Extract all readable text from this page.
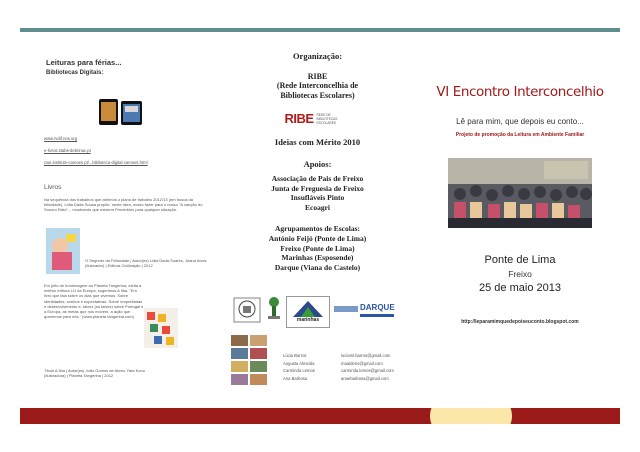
Leituras para férias...
Bibliotecas Digitais:
www.rvdif.nos.org
e-livros.stabs-debrinac.pt
cwe.institute-camoes.pt/...biblioteca-digital-camoes.html
Livros
Na sequência dos trabalhos que abrimos o plano de trabalho 2012/13 (em busca da felicidade), Lidia Dada Sousa propõe, neste obra, nosso fazer para o nosso "A canção do Sonoro Rato"... mostrando que existem Provérbios para qualquer situação.
O Segredo da Felicidade | Autor(es) Lidia Dada Soares, Joana Alves (Ilustrador) | Editora Civilização | 2012
Em jeito de homenagem ao Planeta Tangerina, eleita a melhor editora LIJ da Europa, sugerimos A Ilha. "Em livro que fala sobre os dias que vivemos. Sobre identidades, sonhos e expectativas. Sobre empreitadas e desenvolvimento e, talvez (só talvez) sobre Portugal e a Europa, as metas que nos movem, a ação que queremos para nós." (www.planeta tangerina.com)
Título A Ilha | Autor(es) João Gomes de Abreu Yara Kono (Ilustradora) | Planeta Tangerina | 2012
Organização:
RIBE
(Rede Interconcelhia de
Bibliotecas Escolares)
RIBE REDE DE
BIBLIOTECAS
ESCOLARES
Ideias com Mérito 2010
Apoios:
Associação de Pais de Freixo
Junta de Freguesia de Freixo
Insufláveis Pinto
Ecoagri
Agrupamentos de Escolas:
António Feijó (Ponte de Lima)
Freixo (Ponte de Lima)
Marinhas (Esposende)
Darque (Viana do Castelo)
marinhas
DARQUE
Lúcia Barros
Augusta Almeida
Carminda Lemos
Ana Barbosa
luciaml.barros@gmail.com
maaldeiro@gmail.com
carminda.lemos@gmail.com
anaebarbosa@gmail.com
VI Encontro Interconcelhio
Lê para mim, que depois eu conto...
Projeto de promoção da Leitura em Ambiente Familiar
Ponte de Lima
Freixo
25 de maio 2013
http://leparamimquedepoiseuconto.blogspot.com
